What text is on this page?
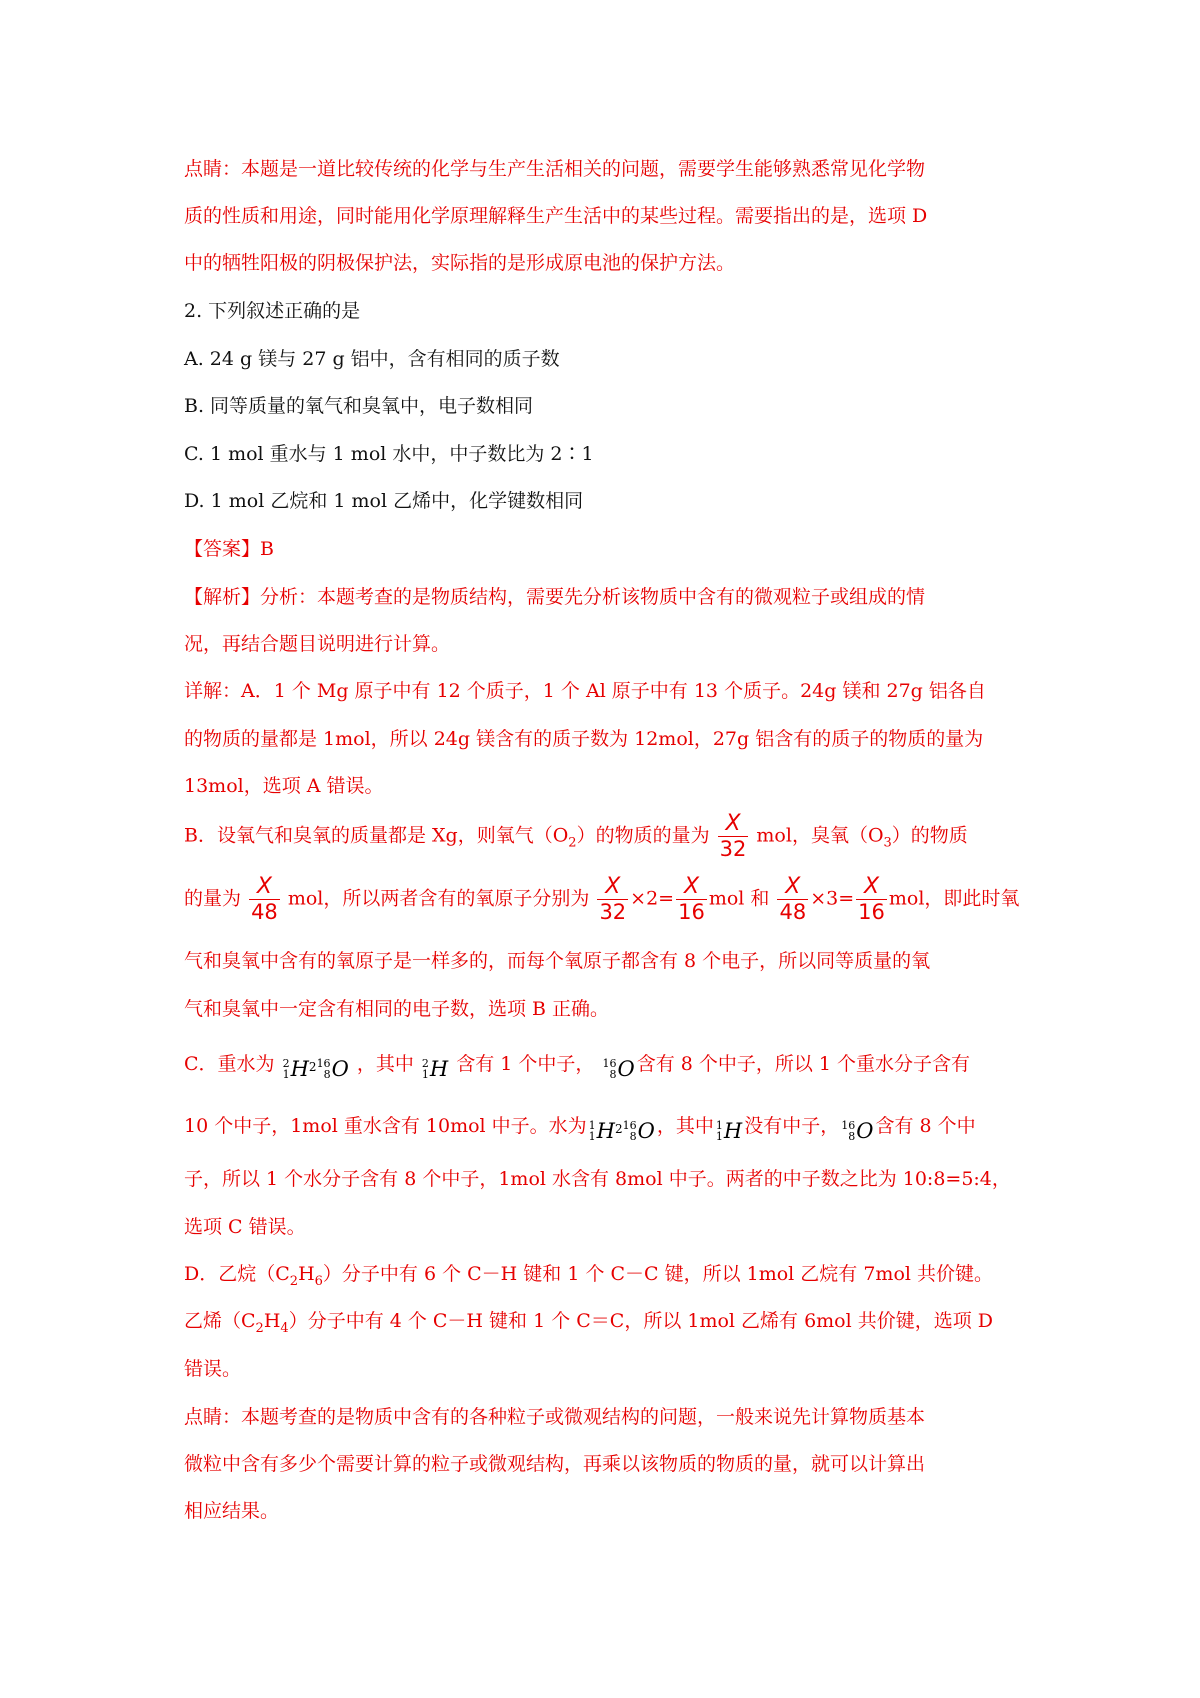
点睛：本题是一道比较传统的化学与生产生活相关的问题，需要学生能够熟悉常见化学物
质的性质和用途，同时能用化学原理解释生产生活中的某些过程。需要指出的是，选项 D
中的牺牲阳极的阴极保护法，实际指的是形成原电池的保护方法。
2. 下列叙述正确的是
A. 24 g 镁与 27 g 铝中，含有相同的质子数
B. 同等质量的氧气和臭氧中，电子数相同
C. 1 mol 重水与 1 mol 水中，中子数比为 2∶1
D. 1 mol 乙烷和 1 mol 乙烯中，化学键数相同
【答案】B
【解析】分析：本题考查的是物质结构，需要先分析该物质中含有的微观粒子或组成的情
况，再结合题目说明进行计算。
详解：A．1 个 Mg 原子中有 12 个质子，1 个 Al 原子中有 13 个质子。24g 镁和 27g 铝各自
的物质的量都是 1mol，所以 24g 镁含有的质子数为 12mol，27g 铝含有的质子的物质的量为
13mol，选项 A 错误。
B．设氧气和臭氧的质量都是 Xg，则氧气$(O_2)$的物质的量为 $\frac{X}{32}$ mol，臭氧$(O_3)$的物质
的量为 $\frac{X}{48}$ mol，所以两者含有的氧原子分别为 $\frac{X}{32} \times 2= \frac{X}{16}$ mol 和 $\frac{X}{48} \times 3= \frac{X}{16}$ mol，即此时氧
气和臭氧中含有的氧原子是一样多的，而每个氧原子都含有 8 个电子，所以同等质量的氧
气和臭氧中一定含有相同的电子数，选项 B 正确。
C．重水为 2
1 H $_2$ 16
8 O ，其中 2
1 H 含有 1 个中子， 16
8 O 含有 8 个中子，所以 1 个重水分子含有
10 个中子，1mol 重水含有 10mol 中子。水为 1
1 H $_2$ 16
8 O ，其中 1
1 H 没有中子， 16
8 O 含有 8 个中
子，所以 1 个水分子含有 8 个中子，1mol 水含有 8mol 中子。两者的中子数之比为 10:8=5:4，
选项 C 错误。
D．乙烷$(C_2H_6)$分子中有 6 个 C－H 键和 1 个 C－C 键，所以 1mol 乙烷有 7mol 共价键。
乙烯$(C_2H_4)$分子中有 4 个 C－H 键和 1 个 C＝C，所以 1mol 乙烯有 6mol 共价键，选项 D
错误。
点睛：本题考查的是物质中含有的各种粒子或微观结构的问题，一般来说先计算物质基本
微粒中含有多少个需要计算的粒子或微观结构，再乘以该物质的物质的量，就可以计算出
相应结果。
